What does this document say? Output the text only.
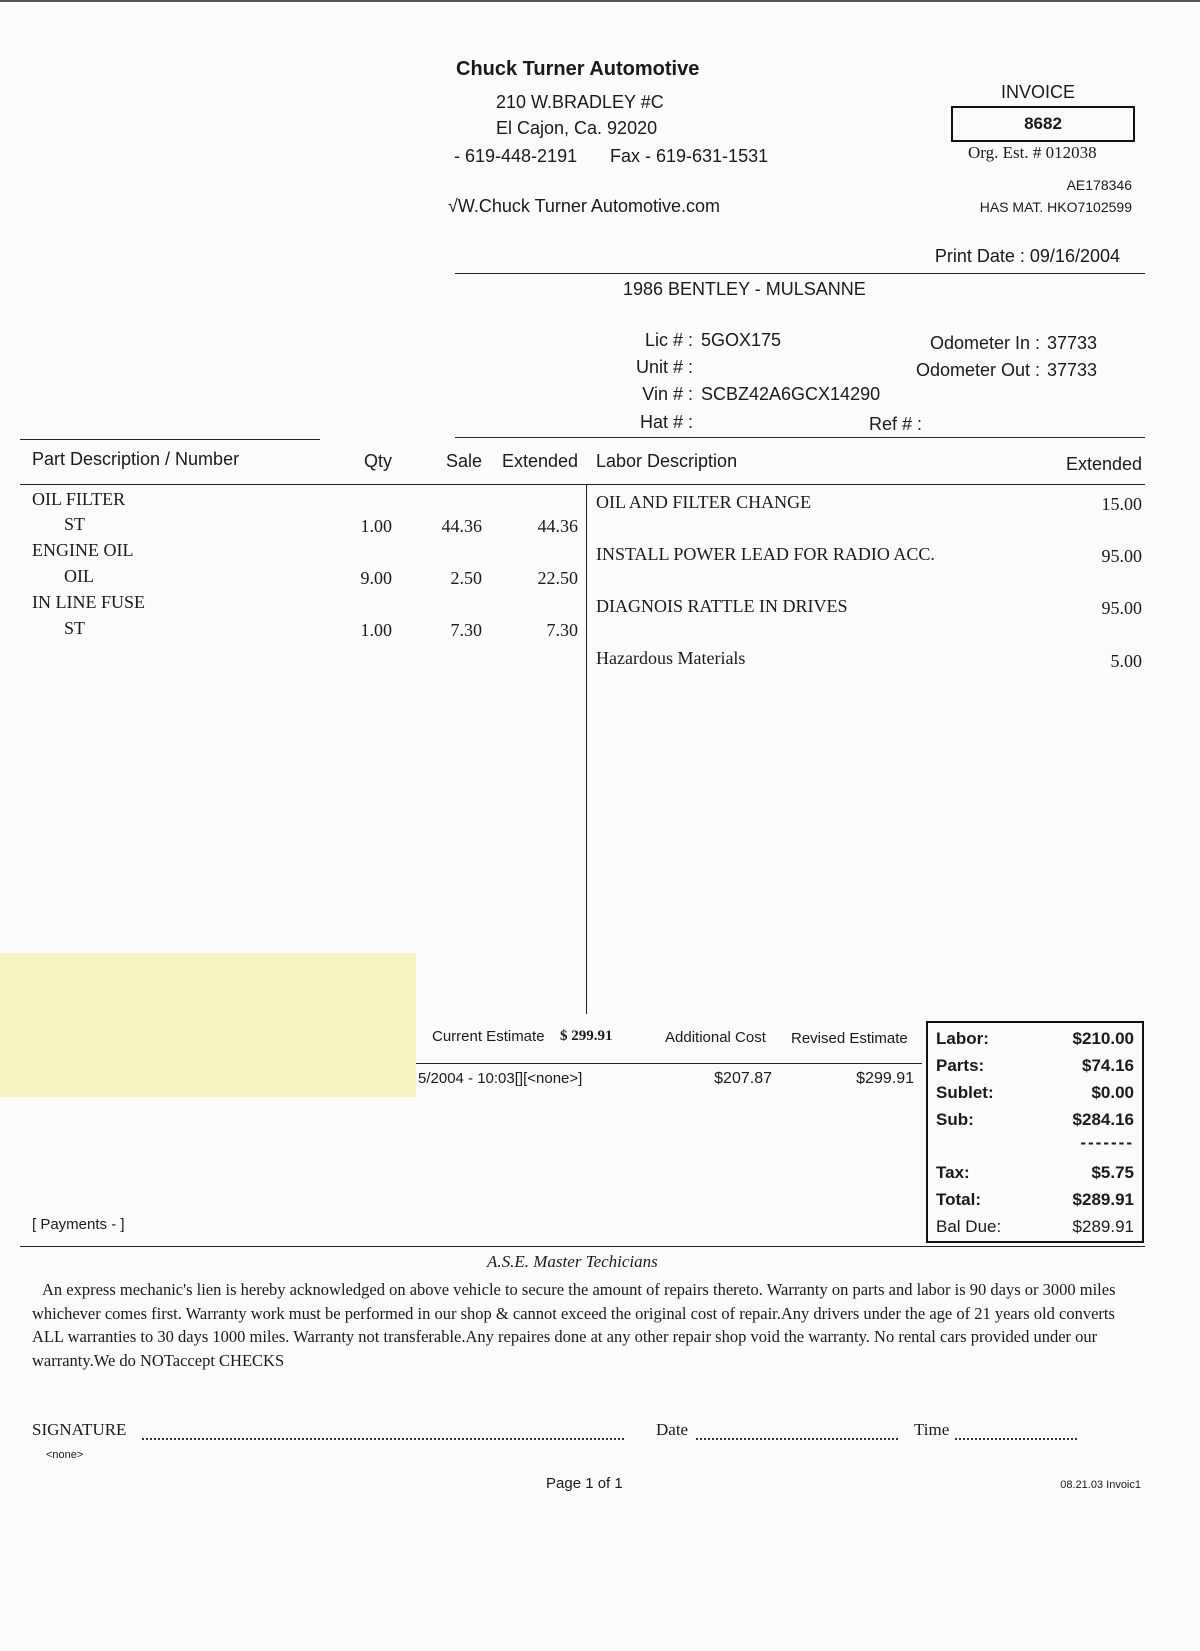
Chuck Turner Automotive
210 W.BRADLEY #C
El Cajon, Ca. 92020
- 619-448-2191 Fax - 619-631-1531
√W.Chuck Turner Automotive.com
INVOICE
8682
Org. Est. # 012038
AE178346
HAS MAT. HKO7102599
Print Date : 09/16/2004
1986 BENTLEY - MULSANNE
Lic # : 5GOX175
Unit # :
Vin # : SCBZ42A6GCX14290
Hat # :	Ref # :
Odometer In : 37733
Odometer Out : 37733
Part Description / Number	Qty	Sale	Extended Labor Description	Extended
OIL FILTER
ST	1.00	44.36	44.36
ENGINE OIL
OIL	9.00	2.50	22.50
IN LINE FUSE
ST	1.00	7.30	7.30
OIL AND FILTER CHANGE	15.00
INSTALL POWER LEAD FOR RADIO ACC.	95.00
DIAGNOIS RATTLE IN DRIVES	95.00
Hazardous Materials	5.00
Current Estimate $ 299.91	Additional Cost Revised Estimate
5/2004 - 10:03[][<none>]	$207.87	$299.91
Labor:	$210.00
Parts:	$74.16
Sublet:	$0.00
Sub:	$284.16
-------
Tax:	$5.75
Total:	$289.91
Bal Due:	$289.91
[ Payments - ]
A.S.E. Master Techicians
An express mechanic's lien is hereby acknowledged on above vehicle to secure the amount of repairs thereto. Warranty on parts and labor is 90 days or 3000 miles whichever comes first. Warranty work must be performed in our shop & cannot exceed the original cost of repair.Any drivers under the age of 21 years old converts ALL warranties to 30 days 1000 miles. Warranty not transferable.Any repaires done at any other repair shop void the warranty. No rental cars provided under our warranty.We do NOTaccept CHECKS
SIGNATURE	Date	Time
<none>
Page 1 of 1	08.21.03 Invoic1
